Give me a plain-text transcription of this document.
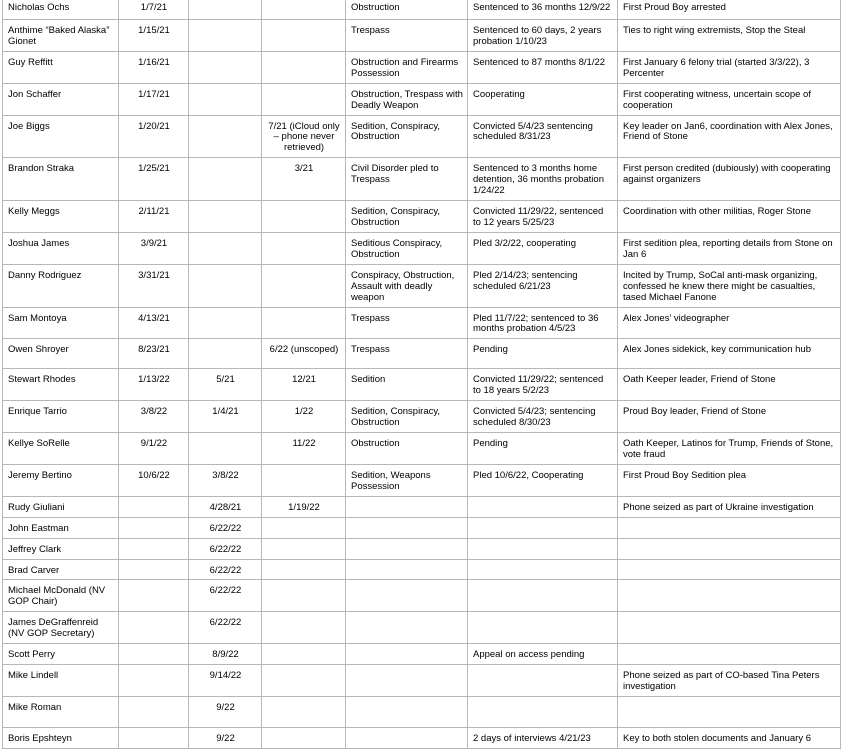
Nicholas Ochs	1/7/21			Obstruction	Sentenced to 36 months 12/9/22	First Proud Boy arrested
Anthime “Baked Alaska” Gionet	1/15/21			Trespass	Sentenced to 60 days, 2 years probation 1/10/23	Ties to right wing extremists, Stop the Steal
Guy Reffitt	1/16/21			Obstruction and Firearms Possession	Sentenced to 87 months 8/1/22	First January 6 felony trial (started 3/3/22), 3 Percenter
Jon Schaffer	1/17/21			Obstruction, Trespass with Deadly Weapon	Cooperating	First cooperating witness, uncertain scope of cooperation
Joe Biggs	1/20/21		7/21 (iCloud only – phone never retrieved)	Sedition, Conspiracy, Obstruction	Convicted 5/4/23 sentencing scheduled 8/31/23	Key leader on Jan6, coordination with Alex Jones, Friend of Stone
Brandon Straka	1/25/21		3/21	Civil Disorder pled to Trespass	Sentenced to 3 months home detention, 36 months probation 1/24/22	First person credited (dubiously) with cooperating against organizers
Kelly Meggs	2/11/21			Sedition, Conspiracy, Obstruction	Convicted 11/29/22, sentenced to 12 years 5/25/23	Coordination with other militias, Roger Stone
Joshua James	3/9/21			Seditious Conspiracy, Obstruction	Pled 3/2/22, cooperating	First sedition plea, reporting details from Stone on Jan 6
Danny Rodriguez	3/31/21			Conspiracy, Obstruction, Assault with deadly weapon	Pled 2/14/23; sentencing scheduled 6/21/23	Incited by Trump, SoCal anti-mask organizing, confessed he knew there might be casualties, tased Michael Fanone
Sam Montoya	4/13/21			Trespass	Pled 11/7/22; sentenced to 36 months probation 4/5/23	Alex Jones’ videographer
Owen Shroyer	8/23/21		6/22 (unscoped)	Trespass	Pending	Alex Jones sidekick, key communication hub
Stewart Rhodes	1/13/22	5/21	12/21	Sedition	Convicted 11/29/22; sentenced to 18 years 5/2/23	Oath Keeper leader, Friend of Stone
Enrique Tarrio	3/8/22	1/4/21	1/22	Sedition, Conspiracy, Obstruction	Convicted 5/4/23; sentencing scheduled 8/30/23	Proud Boy leader, Friend of Stone
Kellye SoRelle	9/1/22		11/22	Obstruction	Pending	Oath Keeper, Latinos for Trump, Friends of Stone, vote fraud
Jeremy Bertino	10/6/22	3/8/22		Sedition, Weapons Possession	Pled 10/6/22, Cooperating	First Proud Boy Sedition plea
Rudy Giuliani		4/28/21	1/19/22			Phone seized as part of Ukraine investigation
John Eastman		6/22/22				
Jeffrey Clark		6/22/22				
Brad Carver		6/22/22				
Michael McDonald (NV GOP Chair)		6/22/22				
James DeGraffenreid (NV GOP Secretary)		6/22/22				
Scott Perry		8/9/22			Appeal on access pending	
Mike Lindell		9/14/22				Phone seized as part of CO-based Tina Peters investigation
Mike Roman		9/22				
Boris Epshteyn		9/22			2 days of interviews 4/21/23	Key to both stolen documents and January 6
